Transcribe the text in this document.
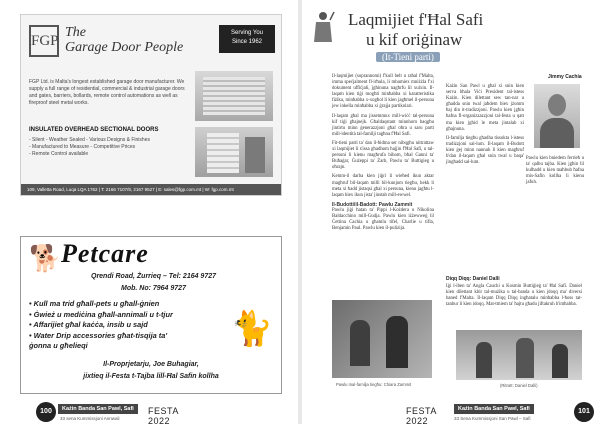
FGP
The
Garage Door People
Serving You
Since 1962
FGP Ltd. is Malta's longest established garage door manufacturer. We supply a full range of residential, commercial & industrial garage doors and gates, barriers, bollards, remote control automations as well as fireproof steel metal works.
INSULATED OVERHEAD SECTIONAL DOORS
- Silent - Weather Sealed - Various Designs & Finishes
- Manufactured to Measure - Competitive Prices
- Remote Control available
109, Valletta Road, Luqa LQA 1762 | T: 2166 7107/8, 2167 9527 | E: sales@fgp.com.mt | W: fgp.com.mt
🐕 Petcare
Qrendi Road, Żurrieq – Tel: 2164 9727
Mob. No: 7964 9727
• Kull ma trid għall-pets u għall-ġnien
• Ġwież u mediċina għall-annimali u t-tjur
• Affarijiet għal kaċċa, insib u sajd
• Water Drip accessories għat-tisqija ta'
ġonna u għelieqi	🐈
Il-Proprjetarju, Joe Buhagiar,
jixtieq il-Festa t-Tajba lill-Ħal Safin kollha
100	Każin Banda San Pawl, Safi
33 sena Kummissjoni Annwali
FESTA 2022
Laqmijiet f'Ħal Safi
u kif oriġinaw
(It-Tieni parti)

Il-laqmijiet (soprannomi) f'kull belt u raħal f'Malta, imma speċjalment fl-irħula, li mhumiex mniżżla f'xi dokument uffiċjali, jgħinuna nagħrfu lil xulxin. Il-laqam kien tiġi mogħti minħabba xi karatteristika fiżika, minħabba x-xogħol li kien jagħmel il-persuna jew inkella minħabba xi ġrajja partikolari.

Il-laqam għal ma jissemmux mill-wiċċ tal-persuna kif tiġi għajnejk. Għaldaqstant minnhom baqgħu jintirtu minn ġenerazzjoni għal oħra u saru parti mill-identità tal-familji tagħna f'Ħal Safi.

Fit-tieni parti ta' dan il-ħidma ser nibqgħu nittrattaw xi laqmijiet li s'issa għadhom ħajjin f'Ħal Safi, u tal-persuni li kienu magħrufa bihom, bħal Ganni ta' Buħaġar, Ġużeppi ta' Żarb, Pawlu ta' Buttigieg u oħrajn.

Kemm-il darba kien jiġri li wieħed ikun aktar magħruf bil-laqam milli bil-kunjom tiegħu, hekk li meta xi ħadd jistaqsi għal xi persuna, kienu jagħtu l-laqam biex ikun jista' jinstab mill-ewwel.

Il-Budotti/il-Badott: Pawlu Zammit

Pawlu jiġi ħatan ta' Pippi l-Kożdera u Nikolina Baldacchino mill-Gudja. Pawlu kien iżżewweġ lil Ċettina Cachia u għamlu tifel, Charlie u tifla, Benjamin Paul. Pawlu kien il-pulizija.

Każin San Pawl u għal xi snin kien serva bħala Viċi President tal-istess Każin. Kien dilettant sew tan-nar u għadda snin twal jaħdem biex jżomm ħaj din it-tradizzjoni. Pawlu kien jgħin ħafna fl-organizzazzjoni tal-festa u qatt ma kien jgħid le meta jintalab xi għajnuna.

Il-familja tiegħu għadha tissokta l-istess tradizzjoni sal-lum. Il-laqam il-Budott kien ġej minn nannuh li kien magħruf b'dan il-laqam għal snin twal u baqa' jingħadd sal-lum.

Jimmy Cachia
Pawlu kien bniedem ferrieħ u ta' qalbu tajba. Kien jgħin lil kulħadd u kien maħbub ħafna mis-Safin kollha li kienu jafuh.
Diqq Diqq: Daniel Dalli
Iġi l-iben ta' Angla Cauchi u Kosmin Buttiġieġ ta' Ħal Safi. Daniel kien dilettant kbir tal-mużika u tal-banda u kien jdoqq ma' diversi baned f'Malta. Il-laqam Diqq Diqq ingħatalu minħabba l-ħoss tat-tanbur li kien idoqq. Mat-tmiem ta' ħajtu għadu jiftakruh b'imħabba.
Pawlu mal-familja tiegħu: Chiara Zammit	(Ritratt: Daniel Dalli)
FESTA 2022
Każin Banda San Pawl, Safi
33 Sena Kummissjoni San Pawl – Safi
101
